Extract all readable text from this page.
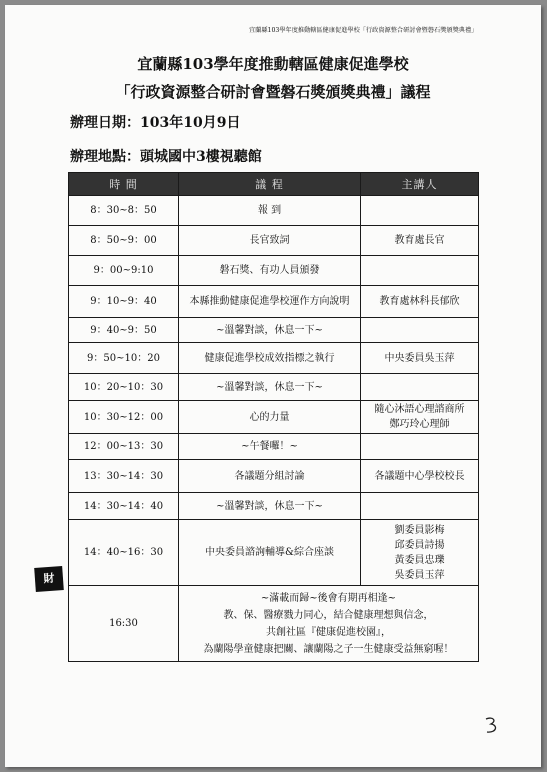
宜蘭縣103學年度推動轄區健康促進學校「行政資源整合研討會暨磐石獎頒獎典禮」
宜蘭縣103學年度推動轄區健康促進學校
「行政資源整合研討會暨磐石獎頒獎典禮」議程
辦理日期：103年10月9日
辦理地點：頭城國中3樓視聽館
時 間	議 程	主講人
8：30~8：50	報 到	
8：50~9：00	長官致詞	教育處長官

9：00~9:10	磐石獎、有功人員頒發	
9：10~9：40	本縣推動健康促進學校運作方向說明	教育處林科長郁欣

9：40~9：50	~溫馨對談，休息一下~	
9：50~10：20	健康促進學校成效指標之執行	中央委員吳玉萍

10：20~10：30	~溫馨對談，休息一下~	
10：30~12：00	心的力量	隨心沐語心理諮商所
鄭巧玲心理師

12：00~13：30	~午餐囉！~	
13：30~14：30	各議題分組討論	各議題中心學校校長

14：30~14：40	~溫馨對談，休息一下~	
14：40~16：30	中央委員諮詢輔導&綜合座談	劉委員影梅
邱委員詩揚
黃委員忠瓅
吳委員玉萍

16:30	~滿載而歸~後會有期再相逢~
教、保、醫療戮力同心，結合健康理想與信念，
共創社區『健康促進校園』，
為蘭陽學童健康把關、讓蘭陽之子一生健康受益無窮喔！	
財
